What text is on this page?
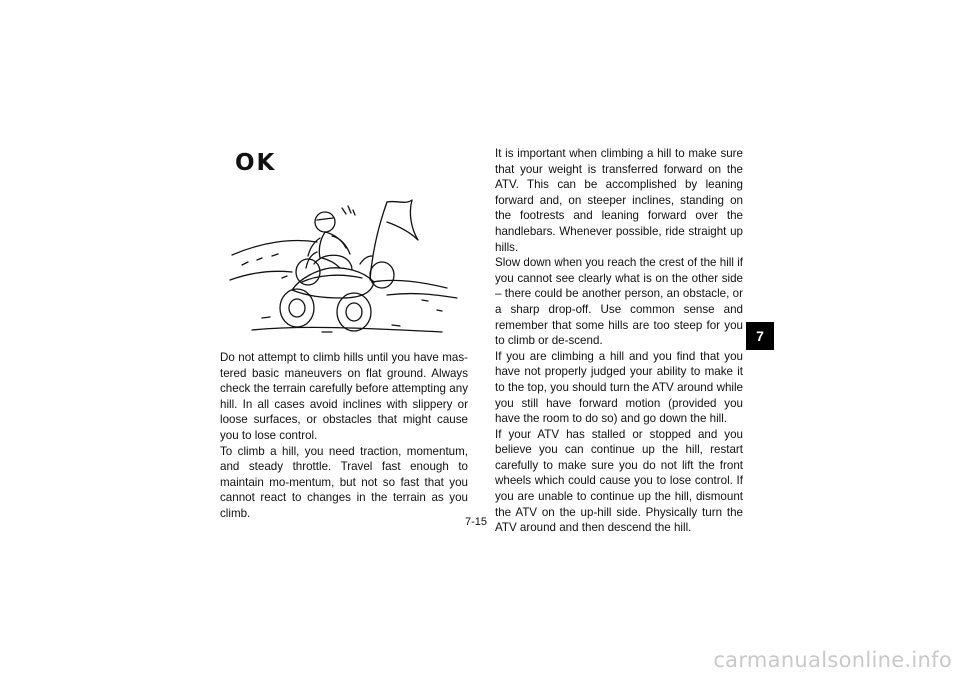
OK

Do not attempt to climb hills until you have mas-tered basic maneuvers on flat ground. Always check the terrain carefully before attempting any hill. In all cases avoid inclines with slippery or loose surfaces, or obstacles that might cause you to lose control.

To climb a hill, you need traction, momentum, and steady throttle. Travel fast enough to maintain mo-mentum, but not so fast that you cannot react to changes in the terrain as you climb.

It is important when climbing a hill to make sure that your weight is transferred forward on the ATV. This can be accomplished by leaning forward and, on steeper inclines, standing on the footrests and leaning forward over the handlebars. Whenever possible, ride straight up hills.

Slow down when you reach the crest of the hill if you cannot see clearly what is on the other side – there could be another person, an obstacle, or a sharp drop-off. Use common sense and remember that some hills are too steep for you to climb or de-scend.

If you are climbing a hill and you find that you have not properly judged your ability to make it to the top, you should turn the ATV around while you still have forward motion (provided you have the room to do so) and go down the hill.

If your ATV has stalled or stopped and you believe you can continue up the hill, restart carefully to make sure you do not lift the front wheels which could cause you to lose control. If you are unable to continue up the hill, dismount the ATV on the up-hill side. Physically turn the ATV around and then descend the hill.

7
7-15
carmanualsonline.info
